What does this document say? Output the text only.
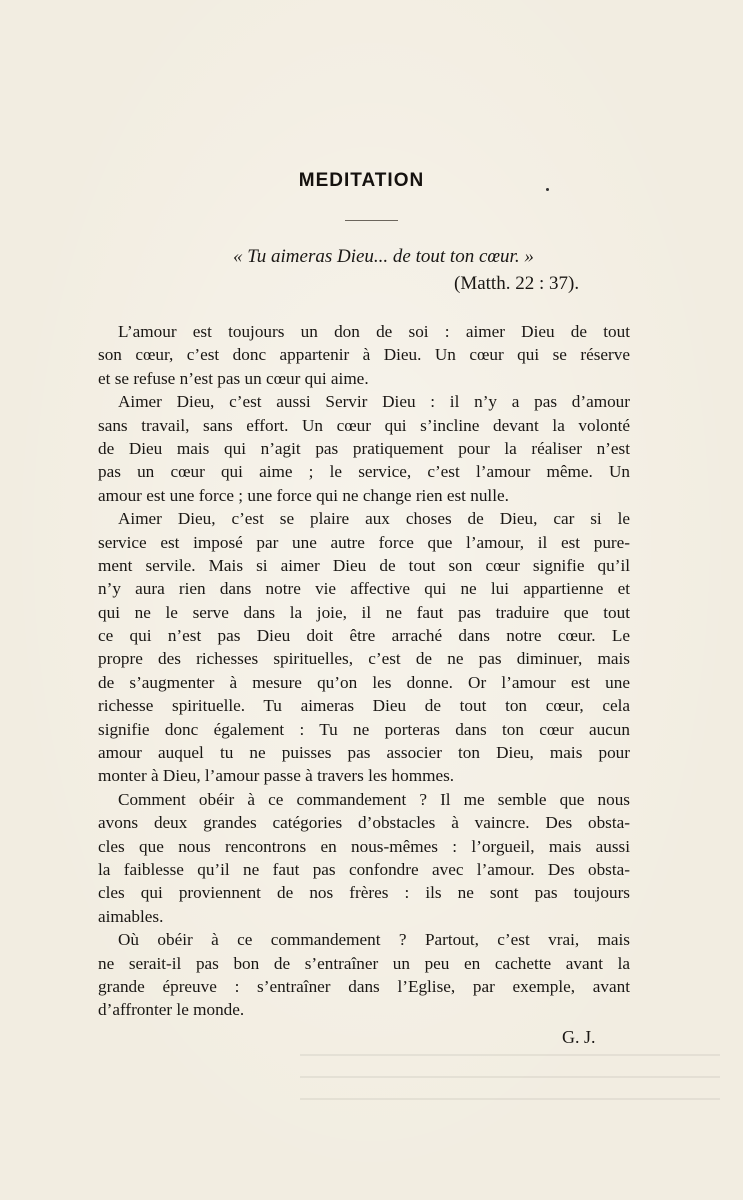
MEDITATION
« Tu aimeras Dieu... de tout ton cœur. »
(Matth. 22 : 37).
L’amour est toujours un don de soi : aimer Dieu de tout
son cœur, c’est donc appartenir à Dieu. Un cœur qui se réserve
et se refuse n’est pas un cœur qui aime.
Aimer Dieu, c’est aussi Servir Dieu : il n’y a pas d’amour
sans travail, sans effort. Un cœur qui s’incline devant la volonté
de Dieu mais qui n’agit pas pratiquement pour la réaliser n’est
pas un cœur qui aime ; le service, c’est l’amour même. Un
amour est une force ; une force qui ne change rien est nulle.
Aimer Dieu, c’est se plaire aux choses de Dieu, car si le
service est imposé par une autre force que l’amour, il est pure-
ment servile. Mais si aimer Dieu de tout son cœur signifie qu’il
n’y aura rien dans notre vie affective qui ne lui appartienne et
qui ne le serve dans la joie, il ne faut pas traduire que tout
ce qui n’est pas Dieu doit être arraché dans notre cœur. Le
propre des richesses spirituelles, c’est de ne pas diminuer, mais
de s’augmenter à mesure qu’on les donne. Or l’amour est une
richesse spirituelle. Tu aimeras Dieu de tout ton cœur, cela
signifie donc également : Tu ne porteras dans ton cœur aucun
amour auquel tu ne puisses pas associer ton Dieu, mais pour
monter à Dieu, l’amour passe à travers les hommes.
Comment obéir à ce commandement ? Il me semble que nous
avons deux grandes catégories d’obstacles à vaincre. Des obsta-
cles que nous rencontrons en nous-mêmes : l’orgueil, mais aussi
la faiblesse qu’il ne faut pas confondre avec l’amour. Des obsta-
cles qui proviennent de nos frères : ils ne sont pas toujours
aimables.
Où obéir à ce commandement ? Partout, c’est vrai, mais
ne serait-il pas bon de s’entraîner un peu en cachette avant la
grande épreuve : s’entraîner dans l’Eglise, par exemple, avant
d’affronter le monde.
G. J.
